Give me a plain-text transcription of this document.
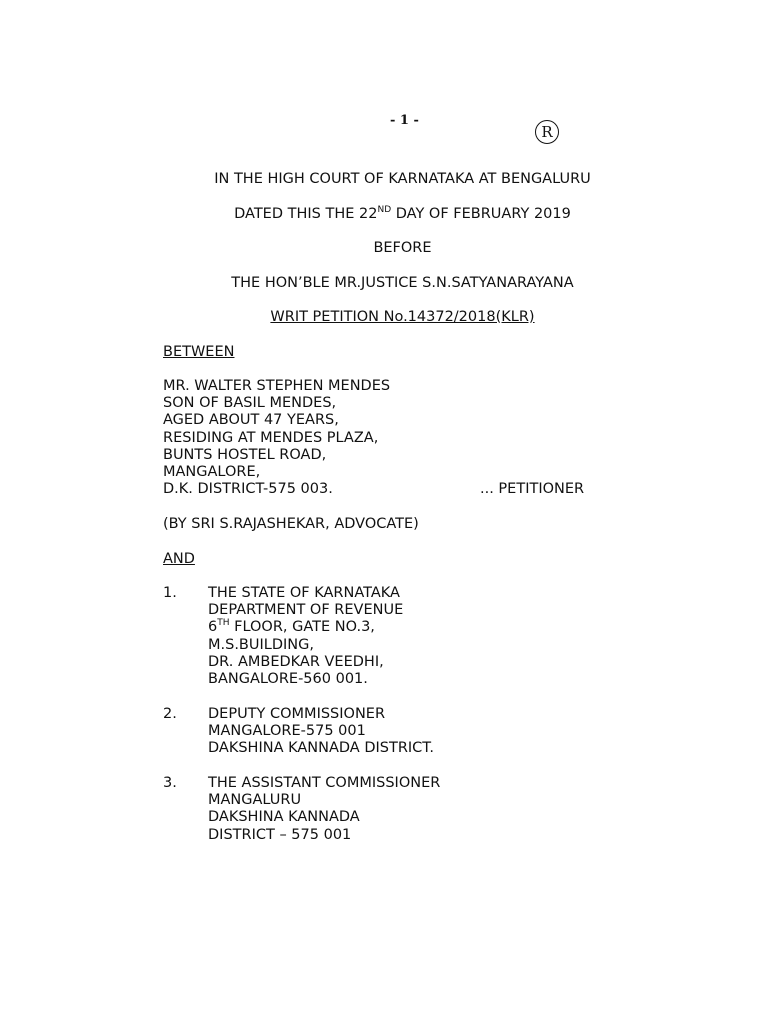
- 1 -
R
IN THE HIGH COURT OF KARNATAKA AT BENGALURU
DATED THIS THE 22ND DAY OF FEBRUARY 2019
BEFORE
THE HON’BLE MR.JUSTICE S.N.SATYANARAYANA
WRIT PETITION No.14372/2018(KLR)
BETWEEN
MR. WALTER STEPHEN MENDES
SON OF BASIL MENDES,
AGED ABOUT 47 YEARS,
RESIDING AT MENDES PLAZA,
BUNTS HOSTEL ROAD,
MANGALORE,
D.K. DISTRICT-575 003.	... PETITIONER
(BY SRI S.RAJASHEKAR, ADVOCATE)
AND
1. THE STATE OF KARNATAKA
DEPARTMENT OF REVENUE
6TH FLOOR, GATE NO.3,
M.S.BUILDING,
DR. AMBEDKAR VEEDHI,
BANGALORE-560 001.
2. DEPUTY COMMISSIONER
MANGALORE-575 001
DAKSHINA KANNADA DISTRICT.
3. THE ASSISTANT COMMISSIONER
MANGALURU
DAKSHINA KANNADA
DISTRICT – 575 001
